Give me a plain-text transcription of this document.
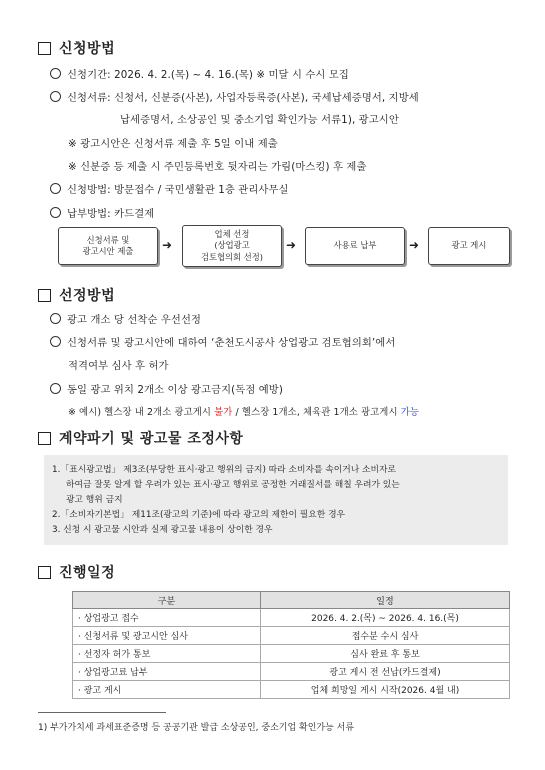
신청방법
신청기간: 2026. 4. 2.(목) ~ 4. 16.(목) ※ 미달 시 수시 모집
신청서류: 신청서, 신분증(사본), 사업자등록증(사본), 국세납세증명서, 지방세
납세증명서, 소상공인 및 중소기업 확인가능 서류1), 광고시안
※ 광고시안은 신청서류 제출 후 5일 이내 제출
※ 신분증 등 제출 시 주민등록번호 뒷자리는 가림(마스킹) 후 제출
신청방법: 방문접수 / 국민생활관 1층 관리사무실
납부방법: 카드결제
신청서류 및
광고시안 제출 ➜
업체 선정
(상업광고
검토협의회 선정)
➜	사용료 납부	➜	광고 게시
선정방법
광고 개소 당 선착순 우선선정
신청서류 및 광고시안에 대하여 ‘춘천도시공사 상업광고 검토협의회’에서
적격여부 심사 후 허가
동일 광고 위치 2개소 이상 광고금지(독점 예방)
※ 예시) 헬스장 내 2개소 광고게시 불가 / 헬스장 1개소, 체육관 1개소 광고게시 가능
계약파기 및 광고물 조정사항
1.「표시광고법」 제3조(부당한 표시·광고 행위의 금지) 따라 소비자를 속이거나 소비자로
하여금 잘못 알게 할 우려가 있는 표시·광고 행위로 공정한 거래질서를 해칠 우려가 있는
광고 행위 금지
2.「소비자기본법」 제11조(광고의 기준)에 따라 광고의 제한이 필요한 경우
3. 신청 시 광고물 시안과 실제 광고물 내용이 상이한 경우
진행일정
구분	일정
· 상업광고 접수	2026. 4. 2.(목) ~ 2026. 4. 16.(목)
· 신청서류 및 광고시안 심사	접수분 수시 심사
· 선정자 허가 통보	심사 완료 후 통보
· 상업광고료 납부	광고 게시 전 선납(카드결제)
· 광고 게시	업체 희망일 게시 시작(2026. 4월 내)
1) 부가가치세 과세표준증명 등 공공기관 발급 소상공인, 중소기업 확인가능 서류
